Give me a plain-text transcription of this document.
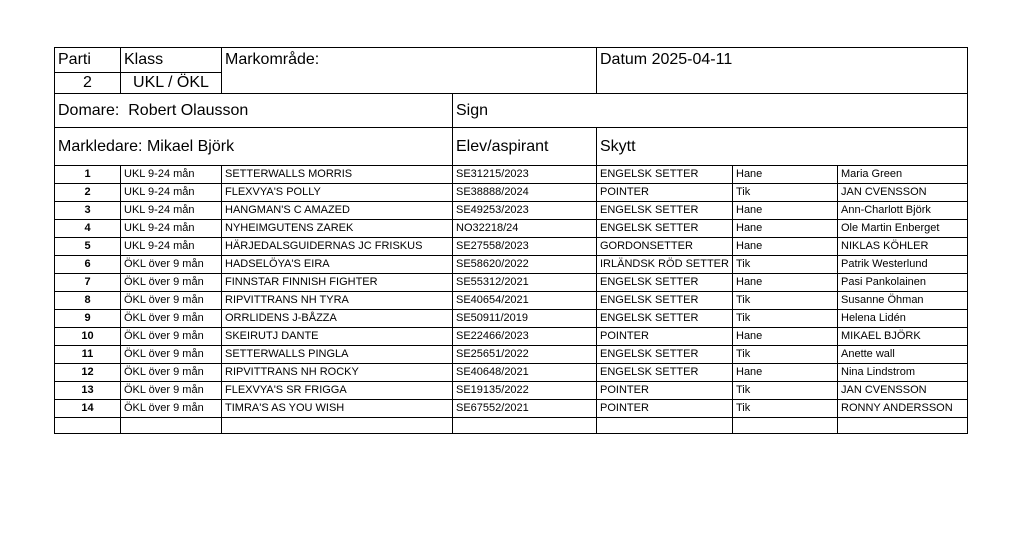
Parti	Klass	Markområde:		Datum 2025-04-11		
2	UKL / ÖKL					
Domare: Robert Olausson			Sign			
Markledare: Mikael Björk			Elev/aspirant	Skytt		
1	UKL 9-24 mån	SETTERWALLS MORRIS	SE31215/2023	ENGELSK SETTER	Hane	Maria Green
2	UKL 9-24 mån	FLEXVYA'S POLLY	SE38888/2024	POINTER	Tik	JAN CVENSSON
3	UKL 9-24 mån	HANGMAN'S C AMAZED	SE49253/2023	ENGELSK SETTER	Hane	Ann-Charlott Björk
4	UKL 9-24 mån	NYHEIMGUTENS ZAREK	NO32218/24	ENGELSK SETTER	Hane	Ole Martin Enberget
5	UKL 9-24 mån	HÄRJEDALSGUIDERNAS JC FRISKUS	SE27558/2023	GORDONSETTER	Hane	NIKLAS KÖHLER
6	ÖKL över 9 mån	HADSELÖYA'S EIRA	SE58620/2022	IRLÄNDSK RÖD SETTER	Tik	Patrik Westerlund
7	ÖKL över 9 mån	FINNSTAR FINNISH FIGHTER	SE55312/2021	ENGELSK SETTER	Hane	Pasi Pankolainen
8	ÖKL över 9 mån	RIPVITTRANS NH TYRA	SE40654/2021	ENGELSK SETTER	Tik	Susanne Öhman
9	ÖKL över 9 mån	ORRLIDENS J-BÅZZA	SE50911/2019	ENGELSK SETTER	Tik	Helena Lidén
10	ÖKL över 9 mån	SKEIRUTJ DANTE	SE22466/2023	POINTER	Hane	MIKAEL BJÖRK
11	ÖKL över 9 mån	SETTERWALLS PINGLA	SE25651/2022	ENGELSK SETTER	Tik	Anette wall
12	ÖKL över 9 mån	RIPVITTRANS NH ROCKY	SE40648/2021	ENGELSK SETTER	Hane	Nina Lindstrom
13	ÖKL över 9 mån	FLEXVYA'S SR FRIGGA	SE19135/2022	POINTER	Tik	JAN CVENSSON
14	ÖKL över 9 mån	TIMRA'S AS YOU WISH	SE67552/2021	POINTER	Tik	RONNY ANDERSSON
